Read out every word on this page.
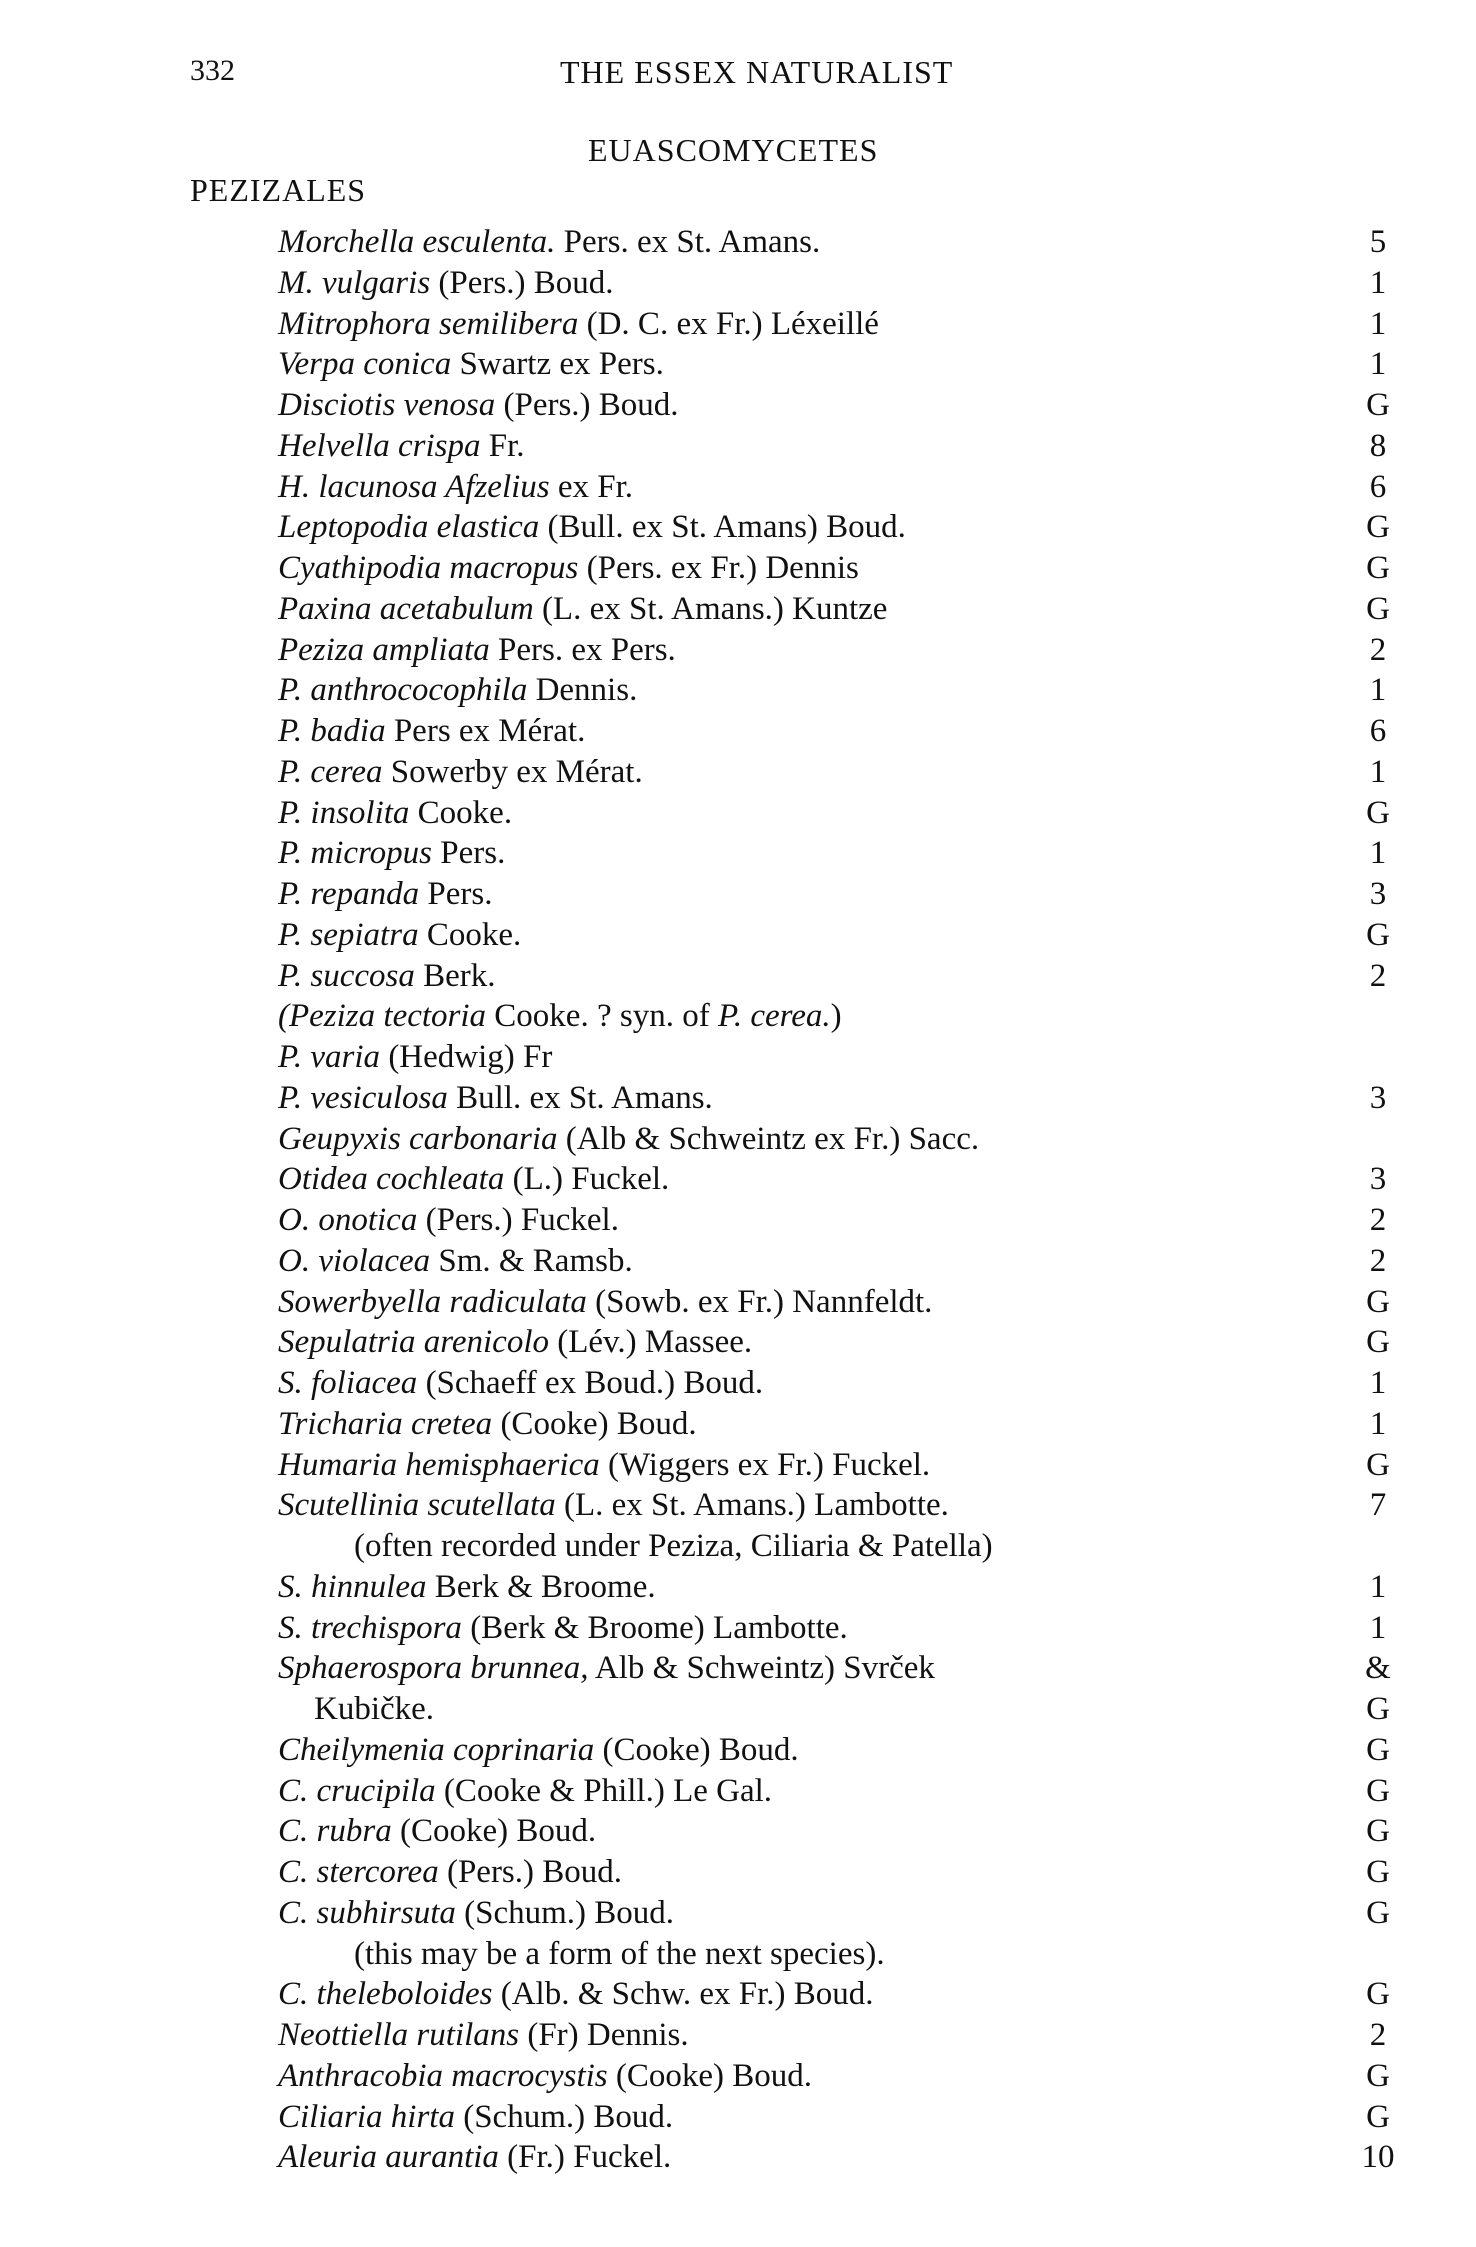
332	THE ESSEX NATURALIST
EUASCOMYCETES
PEZIZALES
Morchella esculenta. Pers. ex St. Amans.	5
M. vulgaris (Pers.) Boud.	1
Mitrophora semilibera (D. C. ex Fr.) Léxeillé	1
Verpa conica Swartz ex Pers.	1
Disciotis venosa (Pers.) Boud.	G
Helvella crispa Fr.	8
H. lacunosa Afzelius ex Fr.	6
Leptopodia elastica (Bull. ex St. Amans) Boud.	G
Cyathipodia macropus (Pers. ex Fr.) Dennis	G
Paxina acetabulum (L. ex St. Amans.) Kuntze	G
Peziza ampliata Pers. ex Pers.	2
P. anthrococophila Dennis.	1
P. badia Pers ex Mérat.	6
P. cerea Sowerby ex Mérat.	1
P. insolita Cooke.	G
P. micropus Pers.	1
P. repanda Pers.	3
P. sepiatra Cooke.	G
P. succosa Berk.	2
(Peziza tectoria Cooke. ? syn. of P. cerea.)
P. varia (Hedwig) Fr
P. vesiculosa Bull. ex St. Amans.	3
Geupyxis carbonaria (Alb & Schweintz ex Fr.) Sacc.
Otidea cochleata (L.) Fuckel.	3
O. onotica (Pers.) Fuckel.	2
O. violacea Sm. & Ramsb.	2
Sowerbyella radiculata (Sowb. ex Fr.) Nannfeldt.	G
Sepulatria arenicolo (Lév.) Massee.	G
S. foliacea (Schaeff ex Boud.) Boud.	1
Tricharia cretea (Cooke) Boud.	1
Humaria hemisphaerica (Wiggers ex Fr.) Fuckel.	G
Scutellinia scutellata (L. ex St. Amans.) Lambotte.	7
(often recorded under Peziza, Ciliaria & Patella)
S. hinnulea Berk & Broome.	1
S. trechispora (Berk & Broome) Lambotte.	1
Sphaerospora brunnea, Alb & Schweintz) Svrček	&
Kubičke.	G
Cheilymenia coprinaria (Cooke) Boud.	G
C. crucipila (Cooke & Phill.) Le Gal.	G
C. rubra (Cooke) Boud.	G
C. stercorea (Pers.) Boud.	G
C. subhirsuta (Schum.) Boud.	G
(this may be a form of the next species).
C. theleboloides (Alb. & Schw. ex Fr.) Boud.	G
Neottiella rutilans (Fr) Dennis.	2
Anthracobia macrocystis (Cooke) Boud.	G
Ciliaria hirta (Schum.) Boud.	G
Aleuria aurantia (Fr.) Fuckel.	10
